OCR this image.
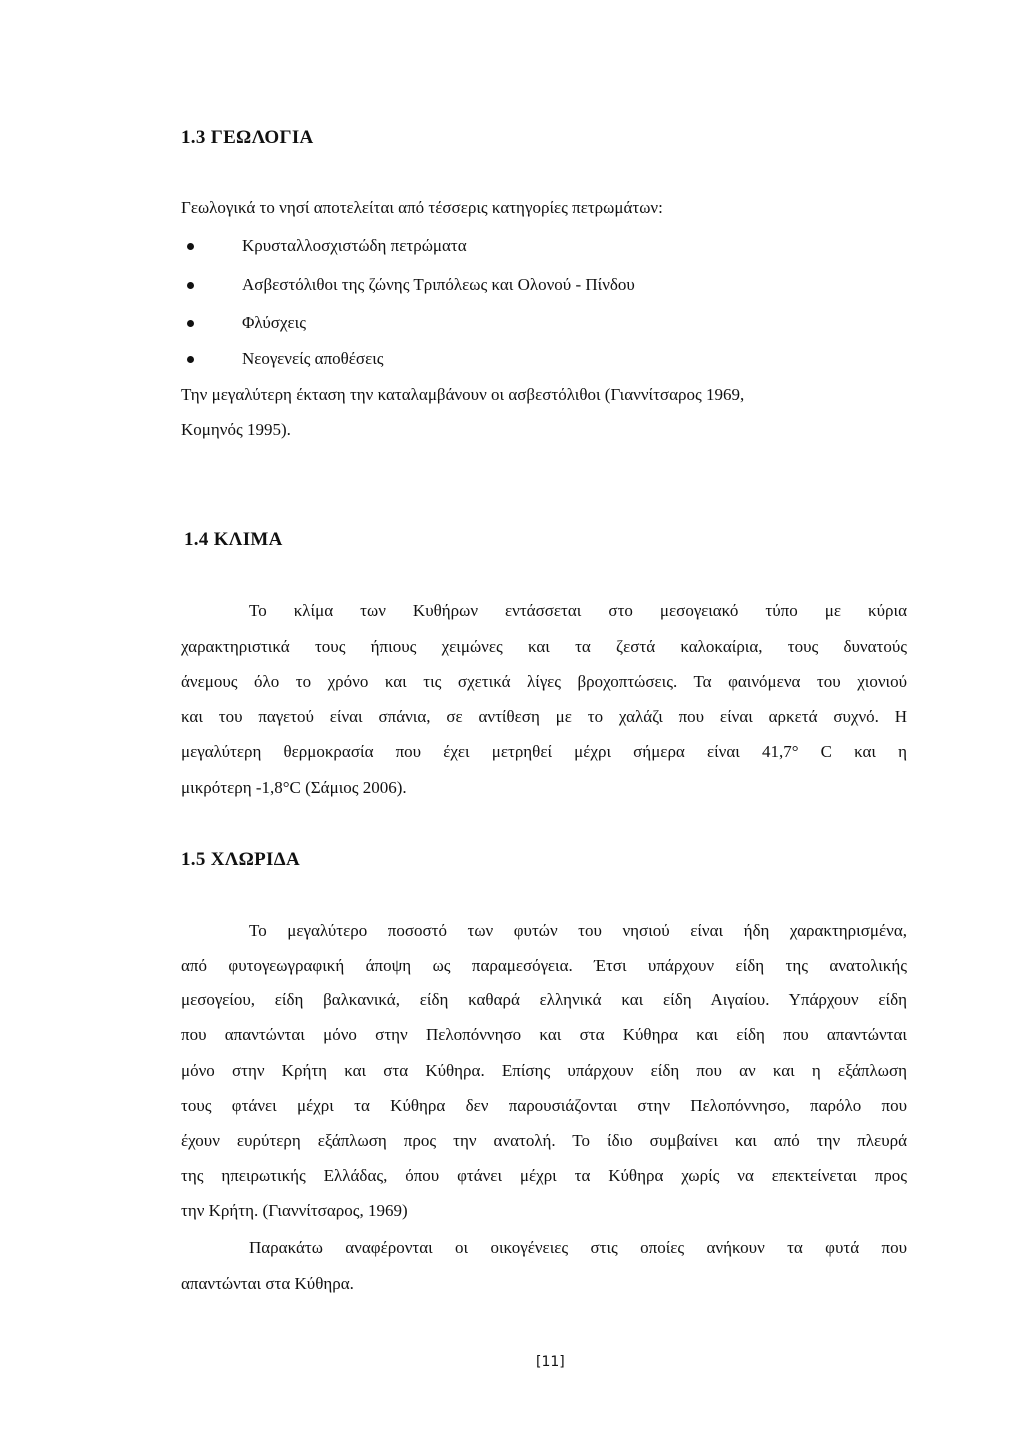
1.3 ΓΕΩΛΟΓΙΑ
Γεωλογικά το νησί αποτελείται από τέσσερις κατηγορίες πετρωμάτων:
Κρυσταλλοσχιστώδη πετρώματα
Ασβεστόλιθοι της ζώνης Τριπόλεως και Ολονού - Πίνδου
Φλύσχεις
Νεογενείς αποθέσεις
Την μεγαλύτερη έκταση την καταλαμβάνουν οι ασβεστόλιθοι (Γιαννίτσαρος 1969,
Κομηνός 1995).
1.4 ΚΛΙΜΑ
Το κλίμα των Κυθήρων εντάσσεται στο μεσογειακό τύπο με κύρια
χαρακτηριστικά τους ήπιους χειμώνες και τα ζεστά καλοκαίρια, τους δυνατούς
άνεμους όλο το χρόνο και τις σχετικά λίγες βροχοπτώσεις. Τα φαινόμενα του χιονιού
και του παγετού είναι σπάνια, σε αντίθεση με το χαλάζι που είναι αρκετά συχνό. Η
μεγαλύτερη θερμοκρασία που έχει μετρηθεί μέχρι σήμερα είναι 41,7° C και η
μικρότερη -1,8°C (Σάμιος 2006).
1.5 ΧΛΩΡΙΔΑ
Το μεγαλύτερο ποσοστό των φυτών του νησιού είναι ήδη χαρακτηρισμένα,
από φυτογεωγραφική άποψη ως παραμεσόγεια. Έτσι υπάρχουν είδη της ανατολικής
μεσογείου, είδη βαλκανικά, είδη καθαρά ελληνικά και είδη Αιγαίου. Υπάρχουν είδη
που απαντώνται μόνο στην Πελοπόννησο και στα Κύθηρα και είδη που απαντώνται
μόνο στην Κρήτη και στα Κύθηρα. Επίσης υπάρχουν είδη που αν και η εξάπλωση
τους φτάνει μέχρι τα Κύθηρα δεν παρουσιάζονται στην Πελοπόννησο, παρόλο που
έχουν ευρύτερη εξάπλωση προς την ανατολή. Το ίδιο συμβαίνει και από την πλευρά
της ηπειρωτικής Ελλάδας, όπου φτάνει μέχρι τα Κύθηρα χωρίς να επεκτείνεται προς
την Κρήτη. (Γιαννίτσαρος, 1969)
Παρακάτω αναφέρονται οι οικογένειες στις οποίες ανήκουν τα φυτά που
απαντώνται στα Κύθηρα.
[11]
